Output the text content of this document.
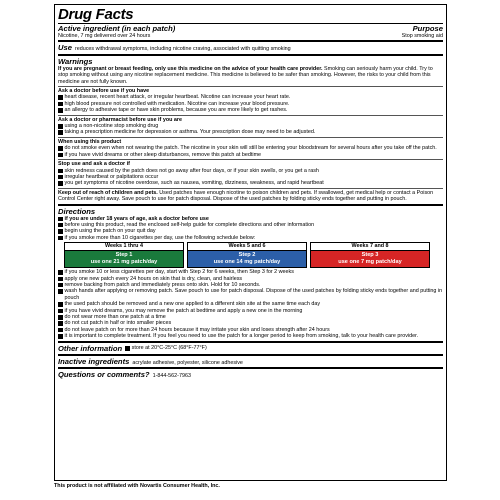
Drug Facts
Active ingredient (in each patch)	Purpose
Nicotine, 7 mg delivered over 24 hours	Stop smoking aid
Use reduces withdrawal symptoms, including nicotine craving, associated with quitting smoking
Warnings
If you are pregnant or breast feeding, only use this medicine on the advice of your health care provider. Smoking can seriously harm your child. Try to stop smoking without using any nicotine replacement medicine. This medicine is believed to be safer than smoking. However, the risks to your child from this medicine are not fully known.
Ask a doctor before use if you have
heart disease, recent heart attack, or irregular heartbeat. Nicotine can increase your heart rate.
high blood pressure not controlled with medication. Nicotine can increase your blood pressure.
an allergy to adhesive tape or have skin problems, because you are more likely to get rashes.
Ask a doctor or pharmacist before use if you are
using a non-nicotine stop smoking drug
taking a prescription medicine for depression or asthma. Your prescription dose may need to be adjusted.
When using this product
do not smoke even when not wearing the patch. The nicotine in your skin will still be entering your bloodstream for several hours after you take off the patch.
if you have vivid dreams or other sleep disturbances, remove this patch at bedtime
Stop use and ask a doctor if
skin redness caused by the patch does not go away after four days, or if your skin swells, or you get a rash
irregular heartbeat or palpitations occur
you get symptoms of nicotine overdose, such as nausea, vomiting, dizziness, weakness, and rapid heartbeat
Keep out of reach of children and pets. Used patches have enough nicotine to poison children and pets. If swallowed, get medical help or contact a Poison Control Center right away. Save pouch to use for patch disposal. Dispose of the used patches by folding sticky ends together and putting in pouch.
Directions
if you are under 18 years of age, ask a doctor before use
before using this product, read the enclosed self-help guide for complete directions and other information
begin using the patch on your quit day
if you smoke more than 10 cigarettes per day, use the following schedule below:
Weeks 1 thru 4
Step 1
use one 21 mg patch/day
Weeks 5 and 6
Step 2
use one 14 mg patch/day
Weeks 7 and 8
Step 3
use one 7 mg patch/day
if you smoke 10 or less cigarettes per day, start with Step 2 for 6 weeks, then Step 3 for 2 weeks
apply one new patch every 24 hours on skin that is dry, clean, and hairless
remove backing from patch and immediately press onto skin. Hold for 10 seconds.
wash hands after applying or removing patch. Save pouch to use for patch disposal. Dispose of the used patches by folding sticky ends together and putting in pouch
the used patch should be removed and a new one applied to a different skin site at the same time each day
if you have vivid dreams, you may remove the patch at bedtime and apply a new one in the morning
do not wear more than one patch at a time
do not cut patch in half or into smaller pieces
do not leave patch on for more than 24 hours because it may irritate your skin and loses strength after 24 hours
it is important to complete treatment. If you feel you need to use the patch for a longer period to keep from smoking, talk to your health care provider.
Other information store at 20°C-25°C (68°F-77°F)
Inactive ingredients acrylate adhesive, polyester, silicone adhesive
Questions or comments? 1-844-562-7963
This product is not affiliated with Novartis Consumer Health, Inc.
